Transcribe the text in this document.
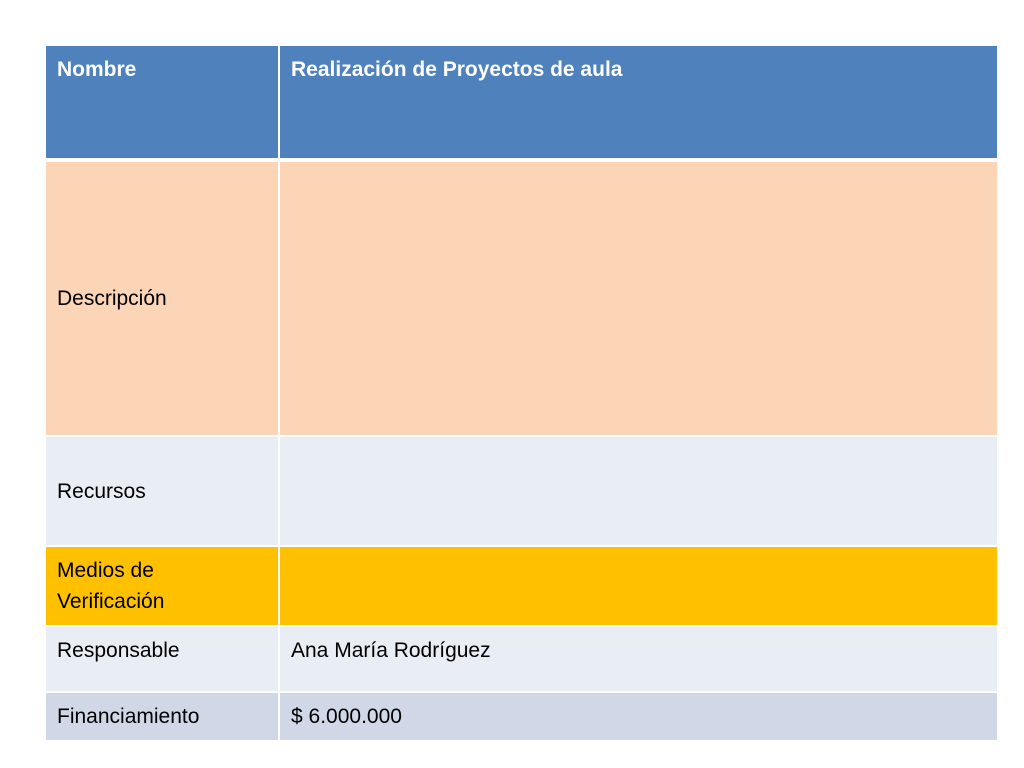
Nombre	Realización de Proyectos de aula
Descripción	
Recursos	
Medios de Verificación	
Responsable	Ana María Rodríguez
Financiamiento	$ 6.000.000
